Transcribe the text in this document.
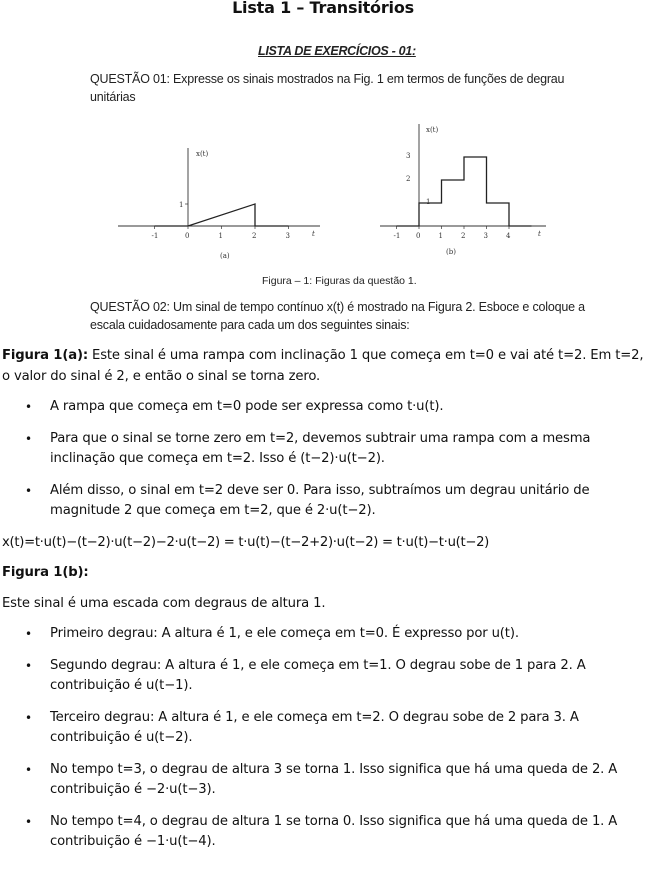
Lista 1 – Transitórios
LISTA DE EXERCÍCIOS - 01:
QUESTÃO 01: Expresse os sinais mostrados na Fig. 1 em termos de funções de degrau unitárias
-1	0	1	2	3
1
x(t)
t
(a)
-1 0	1	2	3	4
3
2
1
x(t)
t
(b)
Figura – 1: Figuras da questão 1.
QUESTÃO 02: Um sinal de tempo contínuo x(t) é mostrado na Figura 2. Esboce e coloque a escala cuidadosamente para cada um dos seguintes sinais:

Figura 1(a): Este sinal é uma rampa com inclinação 1 que começa em t=0 e vai até t=2. Em t=2, o valor do sinal é 2, e então o sinal se torna zero.

• A rampa que começa em t=0 pode ser expressa como t·u(t).
• Para que o sinal se torne zero em t=2, devemos subtrair uma rampa com a mesma inclinação que começa em t=2. Isso é (t−2)·u(t−2).
• Além disso, o sinal em t=2 deve ser 0. Para isso, subtraímos um degrau unitário de magnitude 2 que começa em t=2, que é 2·u(t−2).

x(t)=t·u(t)−(t−2)·u(t−2)−2·u(t−2) = t·u(t)−(t−2+2)·u(t−2) = t·u(t)−t·u(t−2)

Figura 1(b):

Este sinal é uma escada com degraus de altura 1.

• Primeiro degrau: A altura é 1, e ele começa em t=0. É expresso por u(t).
• Segundo degrau: A altura é 1, e ele começa em t=1. O degrau sobe de 1 para 2. A contribuição é u(t−1).
• Terceiro degrau: A altura é 1, e ele começa em t=2. O degrau sobe de 2 para 3. A contribuição é u(t−2).
• No tempo t=3, o degrau de altura 3 se torna 1. Isso significa que há uma queda de 2. A contribuição é −2·u(t−3).
• No tempo t=4, o degrau de altura 1 se torna 0. Isso significa que há uma queda de 1. A contribuição é −1·u(t−4).
